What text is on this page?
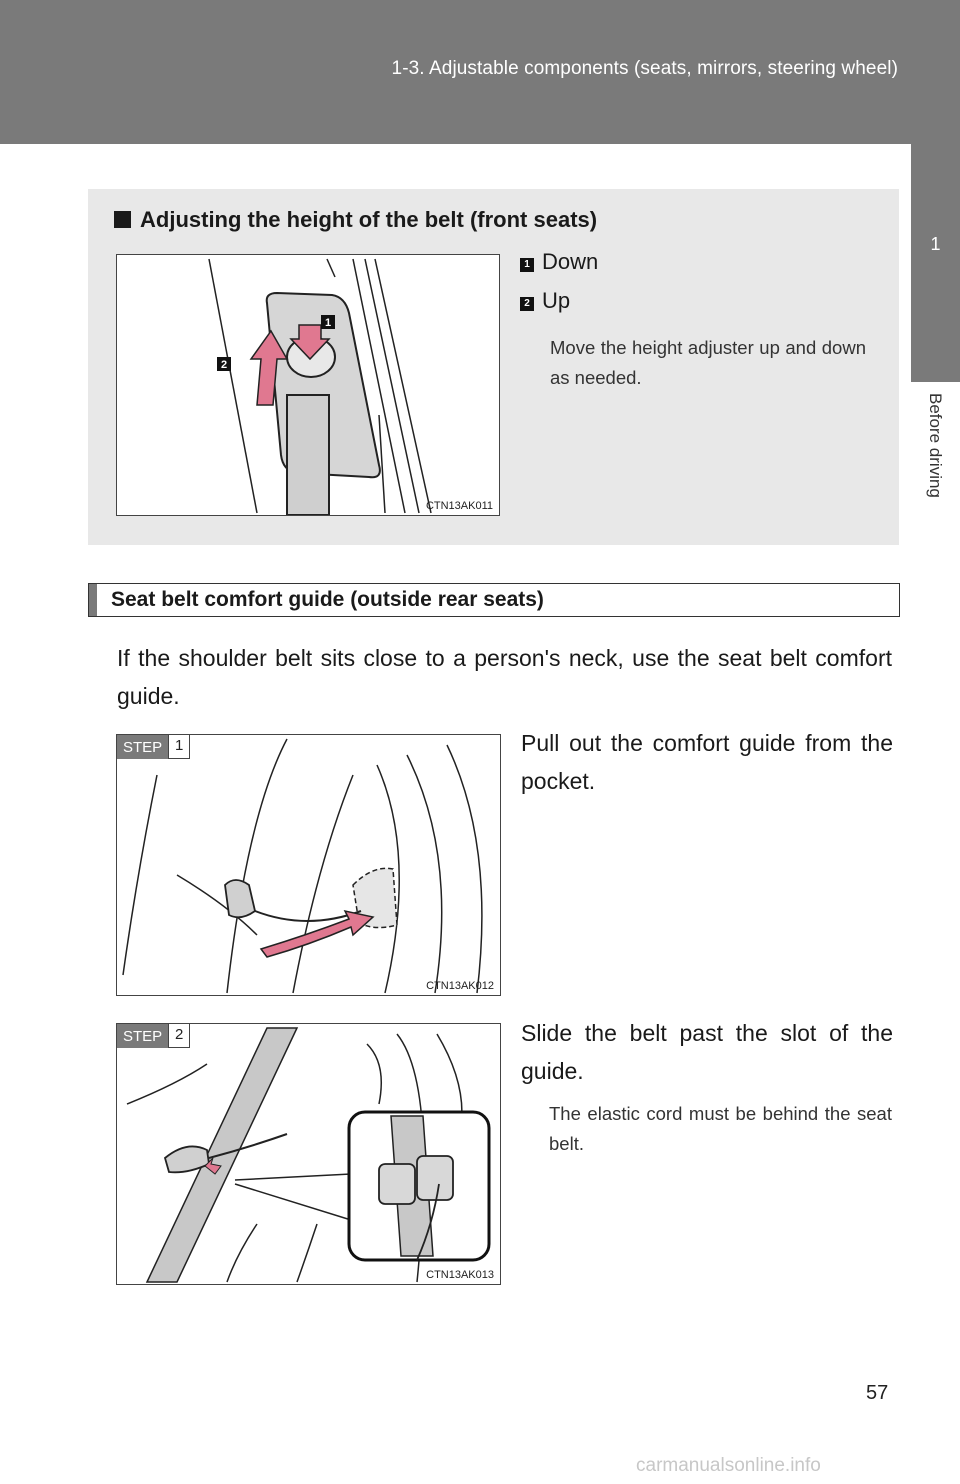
1-3. Adjustable components (seats, mirrors, steering wheel)
1
Before driving
Adjusting the height of the belt (front seats)
1
2
CTN13AK011
1 Down
2 Up
Move the height adjuster up and down as needed.
Seat belt comfort guide (outside rear seats)
If the shoulder belt sits close to a person's neck, use the seat belt comfort guide.
STEP 1
CTN13AK012
Pull out the comfort guide from the pocket.
STEP 2
CTN13AK013
Slide the belt past the slot of the guide.
The elastic cord must be behind the seat belt.
57
carmanualsonline.info
